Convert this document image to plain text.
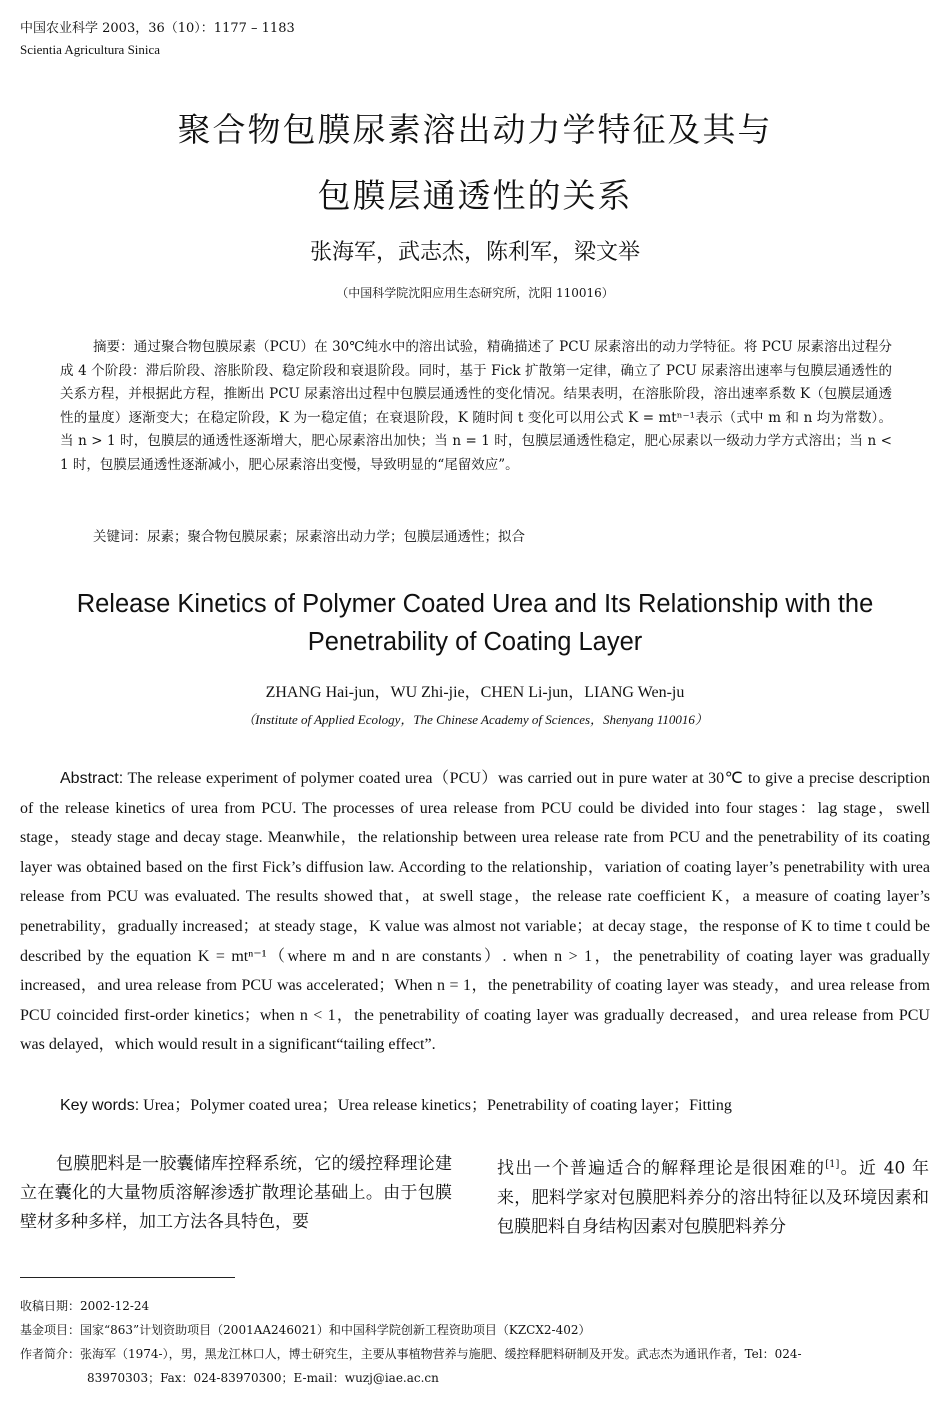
中国农业科学 2003，36（10）：1177 – 1183
Scientia Agricultura Sinica
聚合物包膜尿素溶出动力学特征及其与
包膜层通透性的关系
张海军，武志杰，陈利军，梁文举
（中国科学院沈阳应用生态研究所，沈阳 110016）

摘要：通过聚合物包膜尿素（PCU）在 30℃纯水中的溶出试验，精确描述了 PCU 尿素溶出的动力学特征。将 PCU 尿素溶出过程分成 4 个阶段：滞后阶段、溶胀阶段、稳定阶段和衰退阶段。同时，基于 Fick 扩散第一定律，确立了 PCU 尿素溶出速率与包膜层通透性的关系方程，并根据此方程，推断出 PCU 尿素溶出过程中包膜层通透性的变化情况。结果表明，在溶胀阶段，溶出速率系数 K（包膜层通透性的量度）逐渐变大；在稳定阶段，K 为一稳定值；在衰退阶段，K 随时间 t 变化可以用公式 K = mtⁿ⁻¹表示（式中 m 和 n 均为常数）。当 n > 1 时，包膜层的通透性逐渐增大，肥心尿素溶出加快；当 n = 1 时，包膜层通透性稳定，肥心尿素以一级动力学方式溶出；当 n < 1 时，包膜层通透性逐渐减小，肥心尿素溶出变慢，导致明显的“尾留效应”。

关键词：尿素；聚合物包膜尿素；尿素溶出动力学；包膜层通透性；拟合
Release Kinetics of Polymer Coated Urea and Its Relationship with the
Penetrability of Coating Layer
ZHANG Hai-jun，WU Zhi-jie，CHEN Li-jun，LIANG Wen-ju
（Institute of Applied Ecology，The Chinese Academy of Sciences，Shenyang 110016）

Abstract: The release experiment of polymer coated urea（PCU）was carried out in pure water at 30℃ to give a precise description of the release kinetics of urea from PCU. The processes of urea release from PCU could be divided into four stages：lag stage，swell stage，steady stage and decay stage. Meanwhile，the relationship between urea release rate from PCU and the penetrability of its coating layer was obtained based on the first Fick’s diffusion law. According to the relationship，variation of coating layer’s penetrability with urea release from PCU was evaluated. The results showed that，at swell stage，the release rate coefficient K，a measure of coating layer’s penetrability，gradually increased；at steady stage，K value was almost not variable；at decay stage，the response of K to time t could be described by the equation K = mtⁿ⁻¹（where m and n are constants）. when n > 1，the penetrability of coating layer was gradually increased，and urea release from PCU was accelerated；When n = 1，the penetrability of coating layer was steady，and urea release from PCU coincided first-order kinetics；when n < 1，the penetrability of coating layer was gradually decreased，and urea release from PCU was delayed，which would result in a significant“tailing effect”.

Key words: Urea；Polymer coated urea；Urea release kinetics；Penetrability of coating layer；Fitting

包膜肥料是一胶囊储库控释系统，它的缓控释理论建立在囊化的大量物质溶解渗透扩散理论基础上。由于包膜壁材多种多样，加工方法各具特色，要

找出一个普遍适合的解释理论是很困难的[1]。近 40 年来，肥料学家对包膜肥料养分的溶出特征以及环境因素和包膜肥料自身结构因素对包膜肥料养分

收稿日期：2002-12-24
基金项目：国家“863”计划资助项目（2001AA246021）和中国科学院创新工程资助项目（KZCX2-402）
作者简介：张海军（1974-），男，黑龙江林口人，博士研究生，主要从事植物营养与施肥、缓控释肥料研制及开发。武志杰为通讯作者，Tel：024-
83970303；Fax：024-83970300；E-mail：wuzj@iae.ac.cn
